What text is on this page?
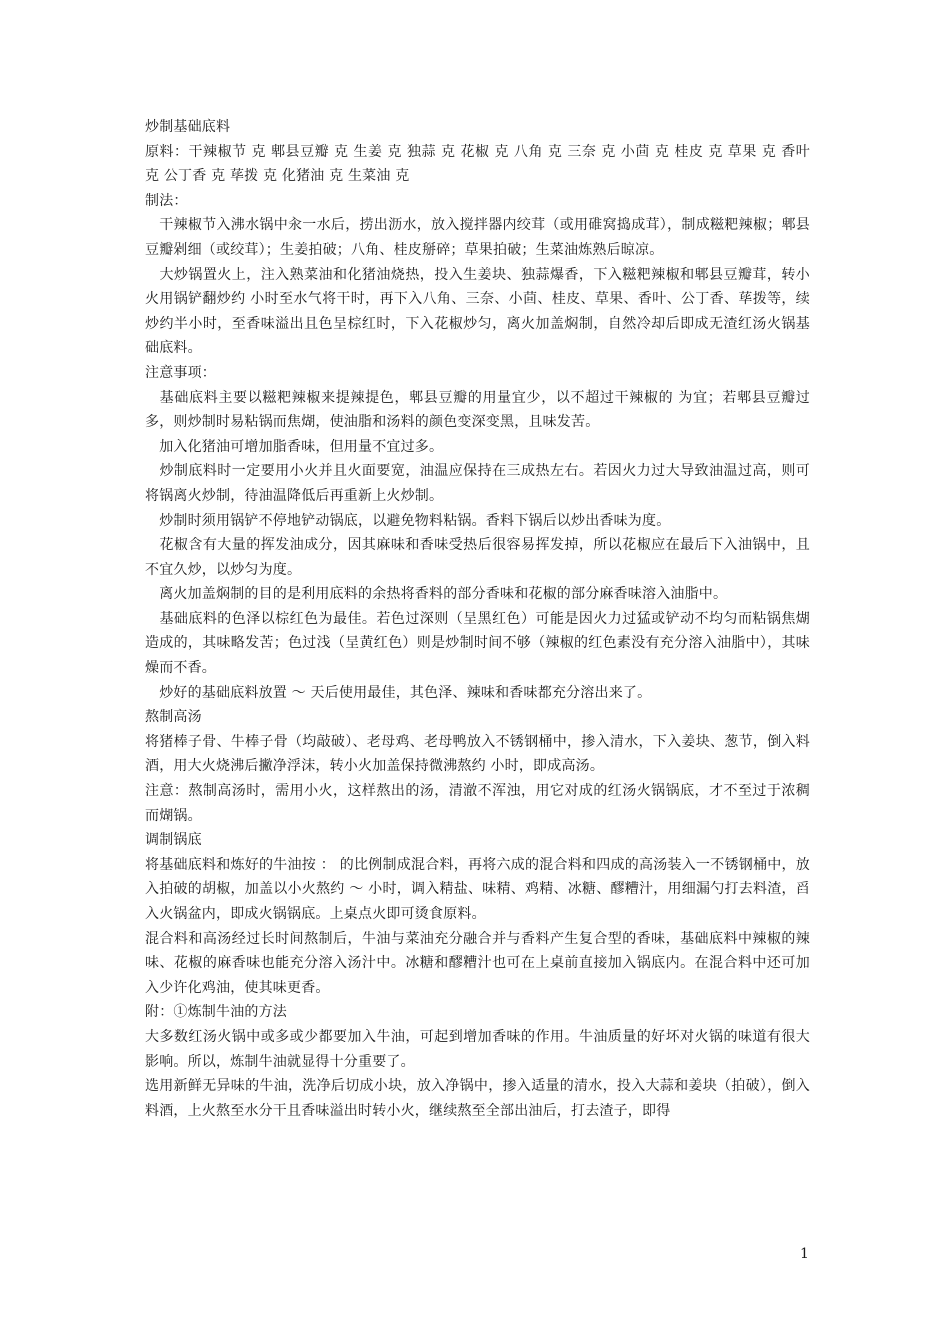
炒制基础底料　

原料：干辣椒节 克 郫县豆瓣 克 生姜 克 独蒜 克 花椒 克 八角 克 三奈 克 小茴 克 桂皮 克 草果 克 香叶 克 公丁香 克 荜拨 克 化猪油 克 生菜油 克

制法：

　干辣椒节入沸水锅中汆一水后，捞出沥水，放入搅拌器内绞茸（或用碓窝捣成茸），制成糍粑辣椒；郫县豆瓣剁细（或绞茸）；生姜拍破；八角、桂皮掰碎；草果拍破；生菜油炼熟后晾凉。

　大炒锅置火上，注入熟菜油和化猪油烧热，投入生姜块、独蒜爆香，下入糍粑辣椒和郫县豆瓣茸，转小火用锅铲翻炒约 小时至水气将干时，再下入八角、三奈、小茴、桂皮、草果、香叶、公丁香、荜拨等，续炒约半小时，至香味溢出且色呈棕红时，下入花椒炒匀，离火加盖焖制，自然冷却后即成无渣红汤火锅基础底料。

注意事项：

　基础底料主要以糍粑辣椒来提辣提色，郫县豆瓣的用量宜少，以不超过干辣椒的 为宜；若郫县豆瓣过多，则炒制时易粘锅而焦煳，使油脂和汤料的颜色变深变黑，且味发苦。

　加入化猪油可增加脂香味，但用量不宜过多。

　炒制底料时一定要用小火并且火面要宽，油温应保持在三成热左右。若因火力过大导致油温过高，则可将锅离火炒制，待油温降低后再重新上火炒制。

　炒制时须用锅铲不停地铲动锅底，以避免物料粘锅。香料下锅后以炒出香味为度。

　花椒含有大量的挥发油成分，因其麻味和香味受热后很容易挥发掉，所以花椒应在最后下入油锅中，且不宜久炒，以炒匀为度。

　离火加盖焖制的目的是利用底料的余热将香料的部分香味和花椒的部分麻香味溶入油脂中。

　基础底料的色泽以棕红色为最佳。若色过深则（呈黑红色）可能是因火力过猛或铲动不均匀而粘锅焦煳造成的，其味略发苦；色过浅（呈黄红色）则是炒制时间不够（辣椒的红色素没有充分溶入油脂中），其味燥而不香。

　炒好的基础底料放置 ～ 天后使用最佳，其色泽、辣味和香味都充分溶出来了。

熬制高汤

将猪棒子骨、牛棒子骨（均敲破）、老母鸡、老母鸭放入不锈钢桶中，掺入清水，下入姜块、葱节，倒入料酒，用大火烧沸后撇净浮沫，转小火加盖保持微沸熬约 小时，即成高汤。

注意：熬制高汤时，需用小火，这样熬出的汤，清澈不浑浊，用它对成的红汤火锅锅底，才不至过于浓稠而煳锅。

调制锅底

将基础底料和炼好的牛油按 ： 的比例制成混合料，再将六成的混合料和四成的高汤装入一不锈钢桶中，放入拍破的胡椒，加盖以小火熬约 ～ 小时，调入精盐、味精、鸡精、冰糖、醪糟汁，用细漏勺打去料渣，舀入火锅盆内，即成火锅锅底。上桌点火即可烫食原料。

混合料和高汤经过长时间熬制后，牛油与菜油充分融合并与香料产生复合型的香味，基础底料中辣椒的辣味、花椒的麻香味也能充分溶入汤汁中。冰糖和醪糟汁也可在上桌前直接加入锅底内。在混合料中还可加入少许化鸡油，使其味更香。

附：①炼制牛油的方法

大多数红汤火锅中或多或少都要加入牛油，可起到增加香味的作用。牛油质量的好坏对火锅的味道有很大影响。所以，炼制牛油就显得十分重要了。

选用新鲜无异味的牛油，洗净后切成小块，放入净锅中，掺入适量的清水，投入大蒜和姜块（拍破），倒入料酒，上火熬至水分干且香味溢出时转小火，继续熬至全部出油后，打去渣子，即得

1
